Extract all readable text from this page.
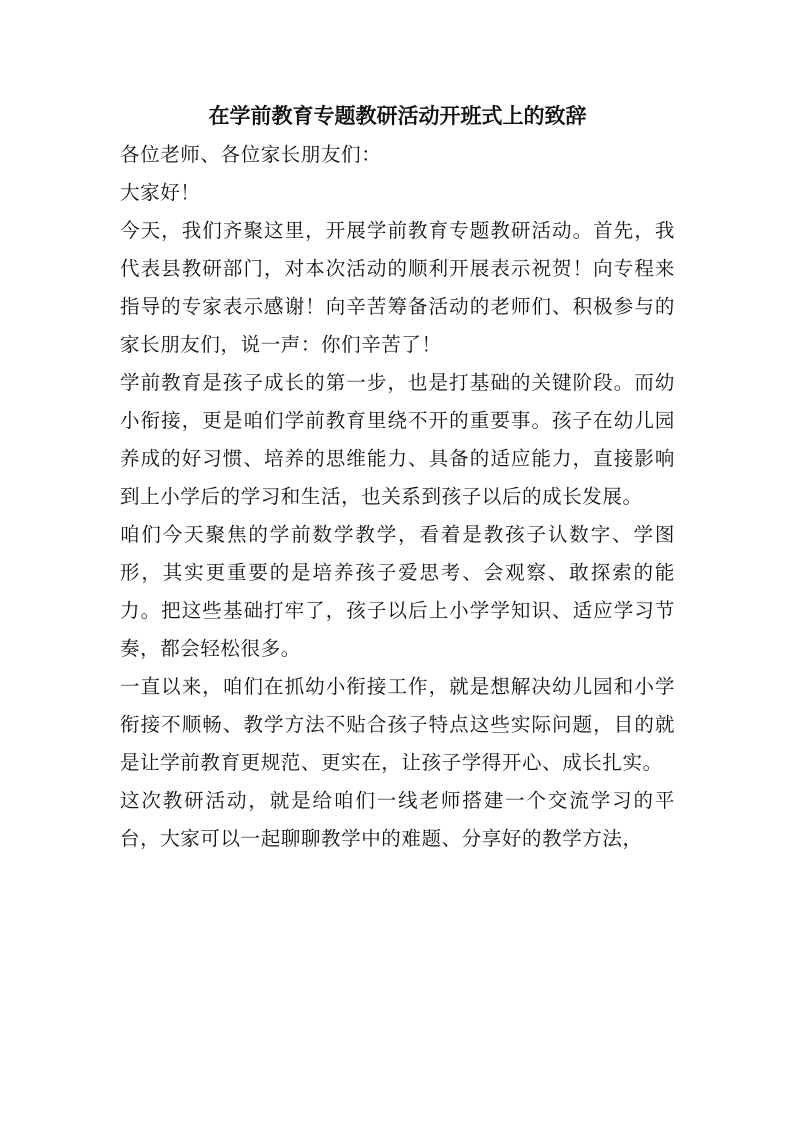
在学前教育专题教研活动开班式上的致辞

各位老师、各位家长朋友们：

大家好！

今天，我们齐聚这里，开展学前教育专题教研活动。首先，我代表县教研部门，对本次活动的顺利开展表示祝贺！向专程来指导的专家表示感谢！向辛苦筹备活动的老师们、积极参与的家长朋友们，说一声：你们辛苦了！

学前教育是孩子成长的第一步，也是打基础的关键阶段。而幼小衔接，更是咱们学前教育里绕不开的重要事。孩子在幼儿园养成的好习惯、培养的思维能力、具备的适应能力，直接影响到上小学后的学习和生活，也关系到孩子以后的成长发展。

咱们今天聚焦的学前数学教学，看着是教孩子认数字、学图形，其实更重要的是培养孩子爱思考、会观察、敢探索的能力。把这些基础打牢了，孩子以后上小学学知识、适应学习节奏，都会轻松很多。

一直以来，咱们在抓幼小衔接工作，就是想解决幼儿园和小学衔接不顺畅、教学方法不贴合孩子特点这些实际问题，目的就是让学前教育更规范、更实在，让孩子学得开心、成长扎实。

这次教研活动，就是给咱们一线老师搭建一个交流学习的平台，大家可以一起聊聊教学中的难题、分享好的教学方法，
